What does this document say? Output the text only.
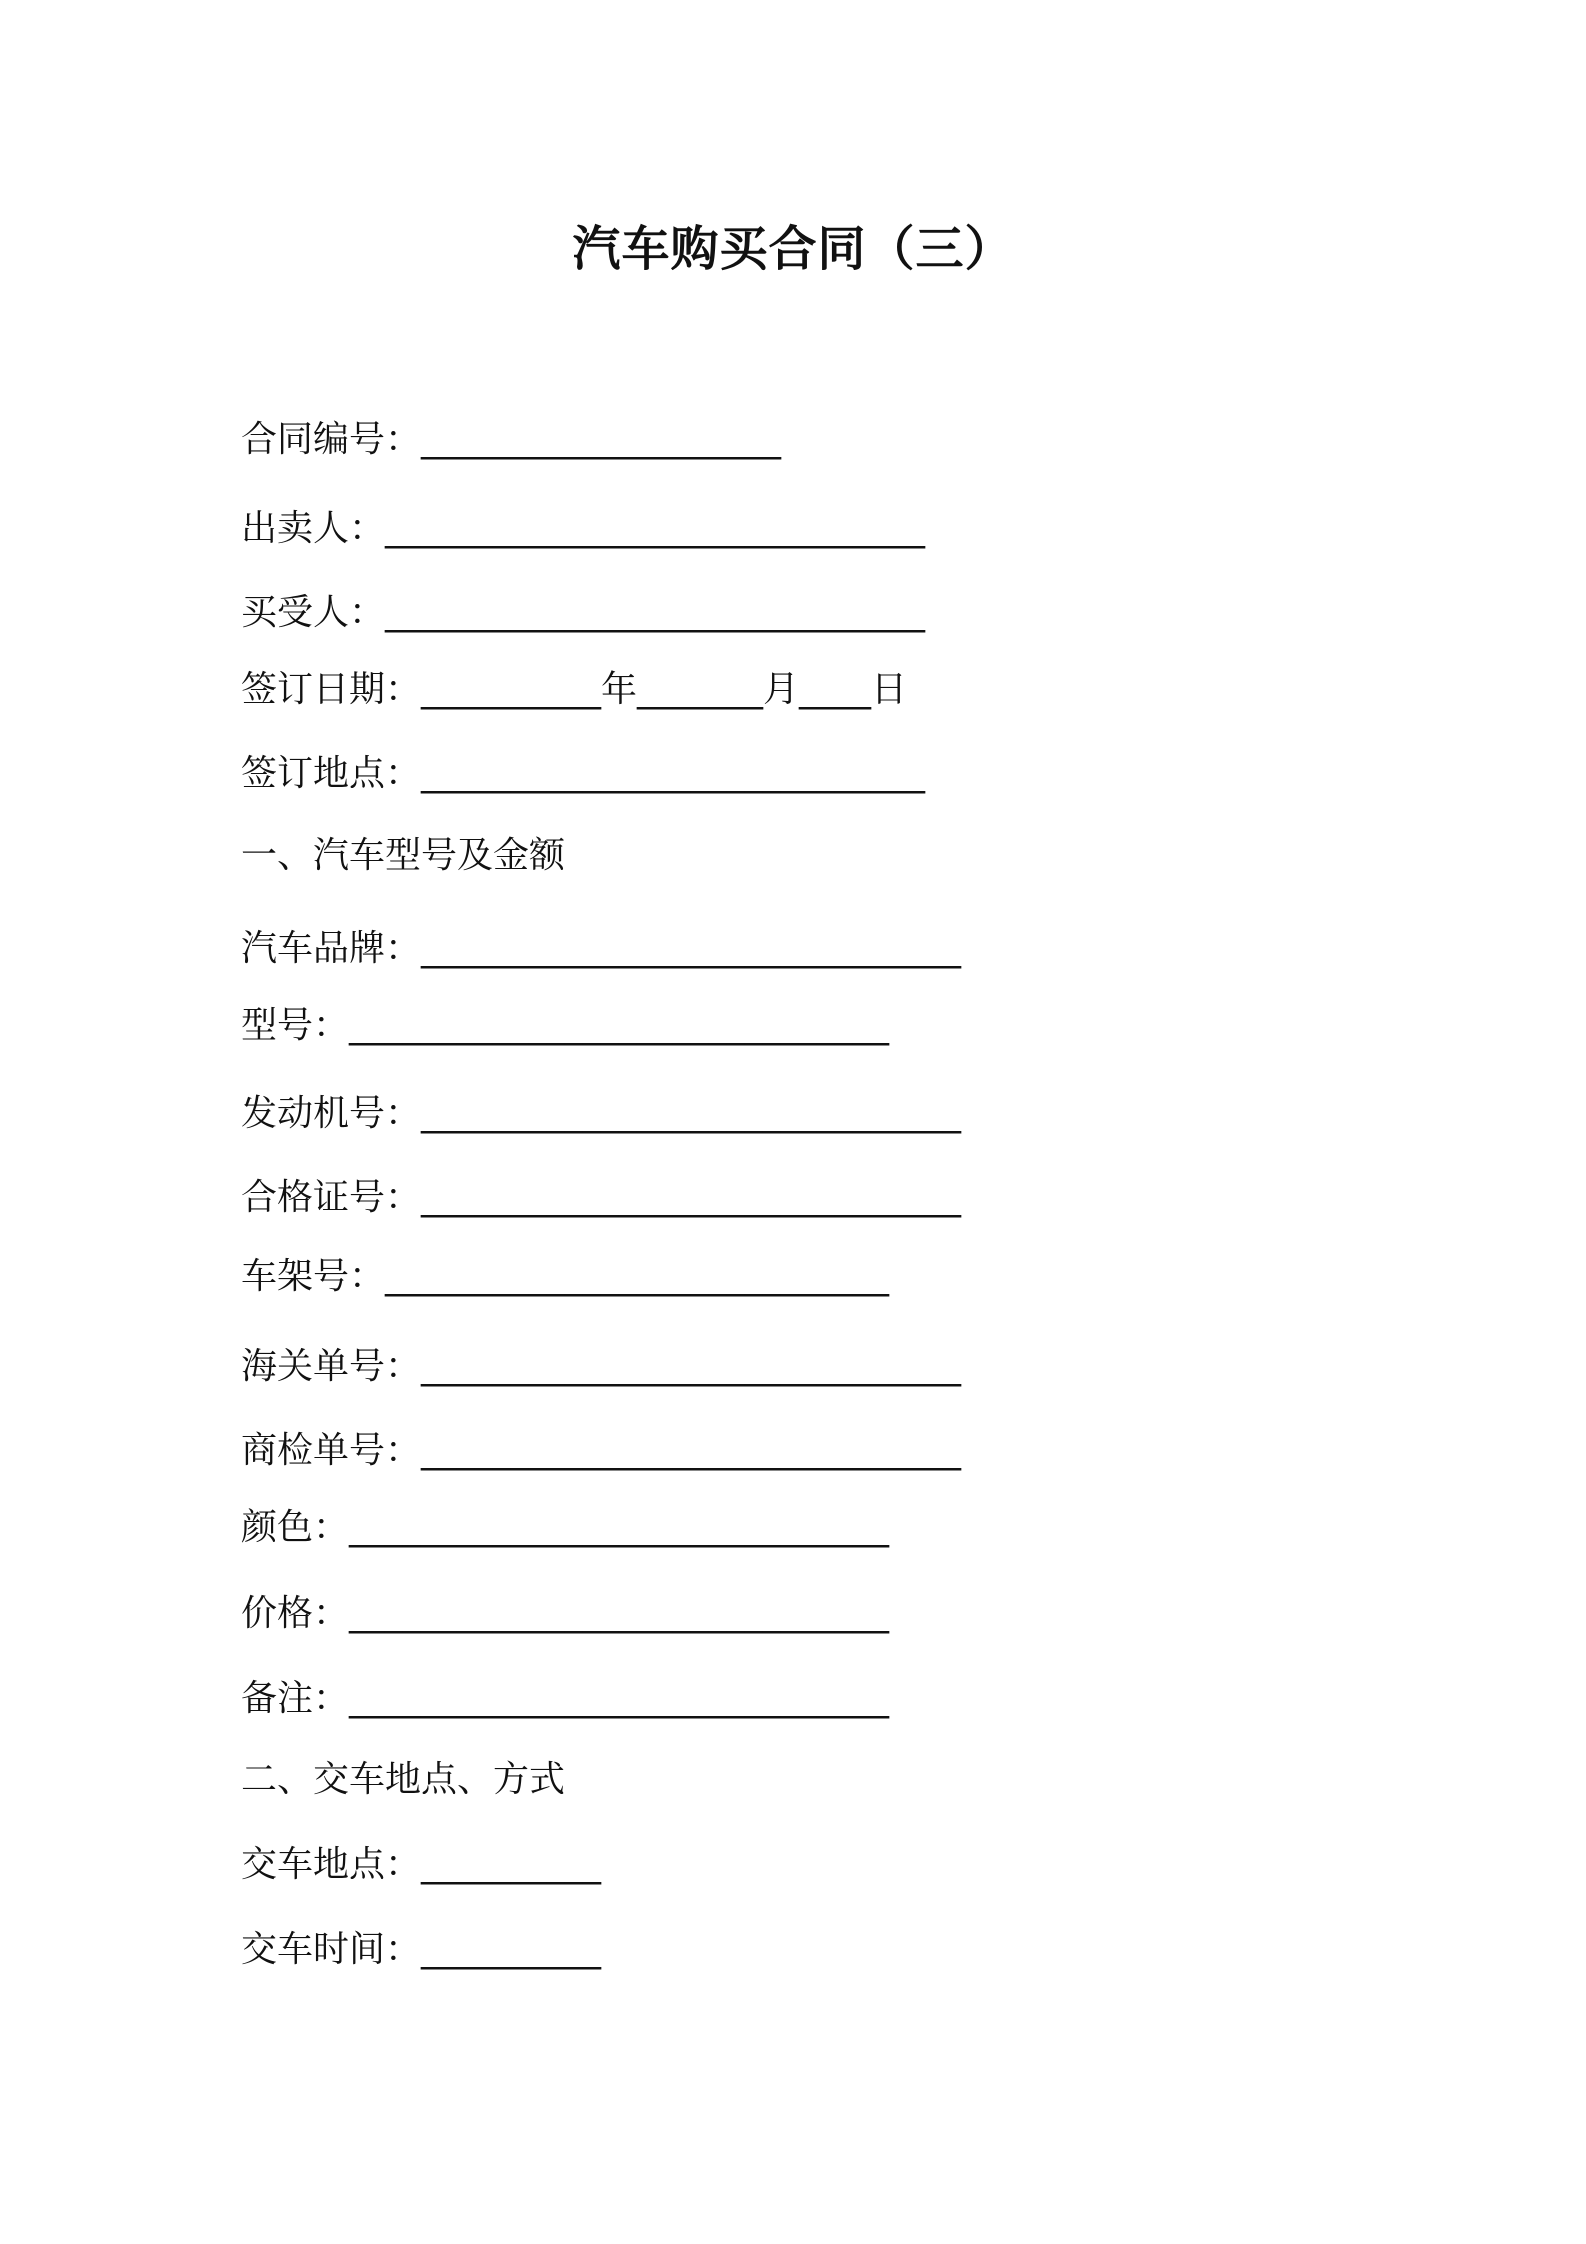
汽车购买合同（三）
合同编号：____________________
出卖人：______________________________
买受人：______________________________
签订日期：__________年_______月____日
签订地点：____________________________
一、汽车型号及金额
汽车品牌：______________________________
型号：______________________________
发动机号：______________________________
合格证号：______________________________
车架号：____________________________
海关单号：______________________________
商检单号：______________________________
颜色：______________________________
价格：______________________________
备注：______________________________
二、交车地点、方式
交车地点：__________
交车时间：__________
